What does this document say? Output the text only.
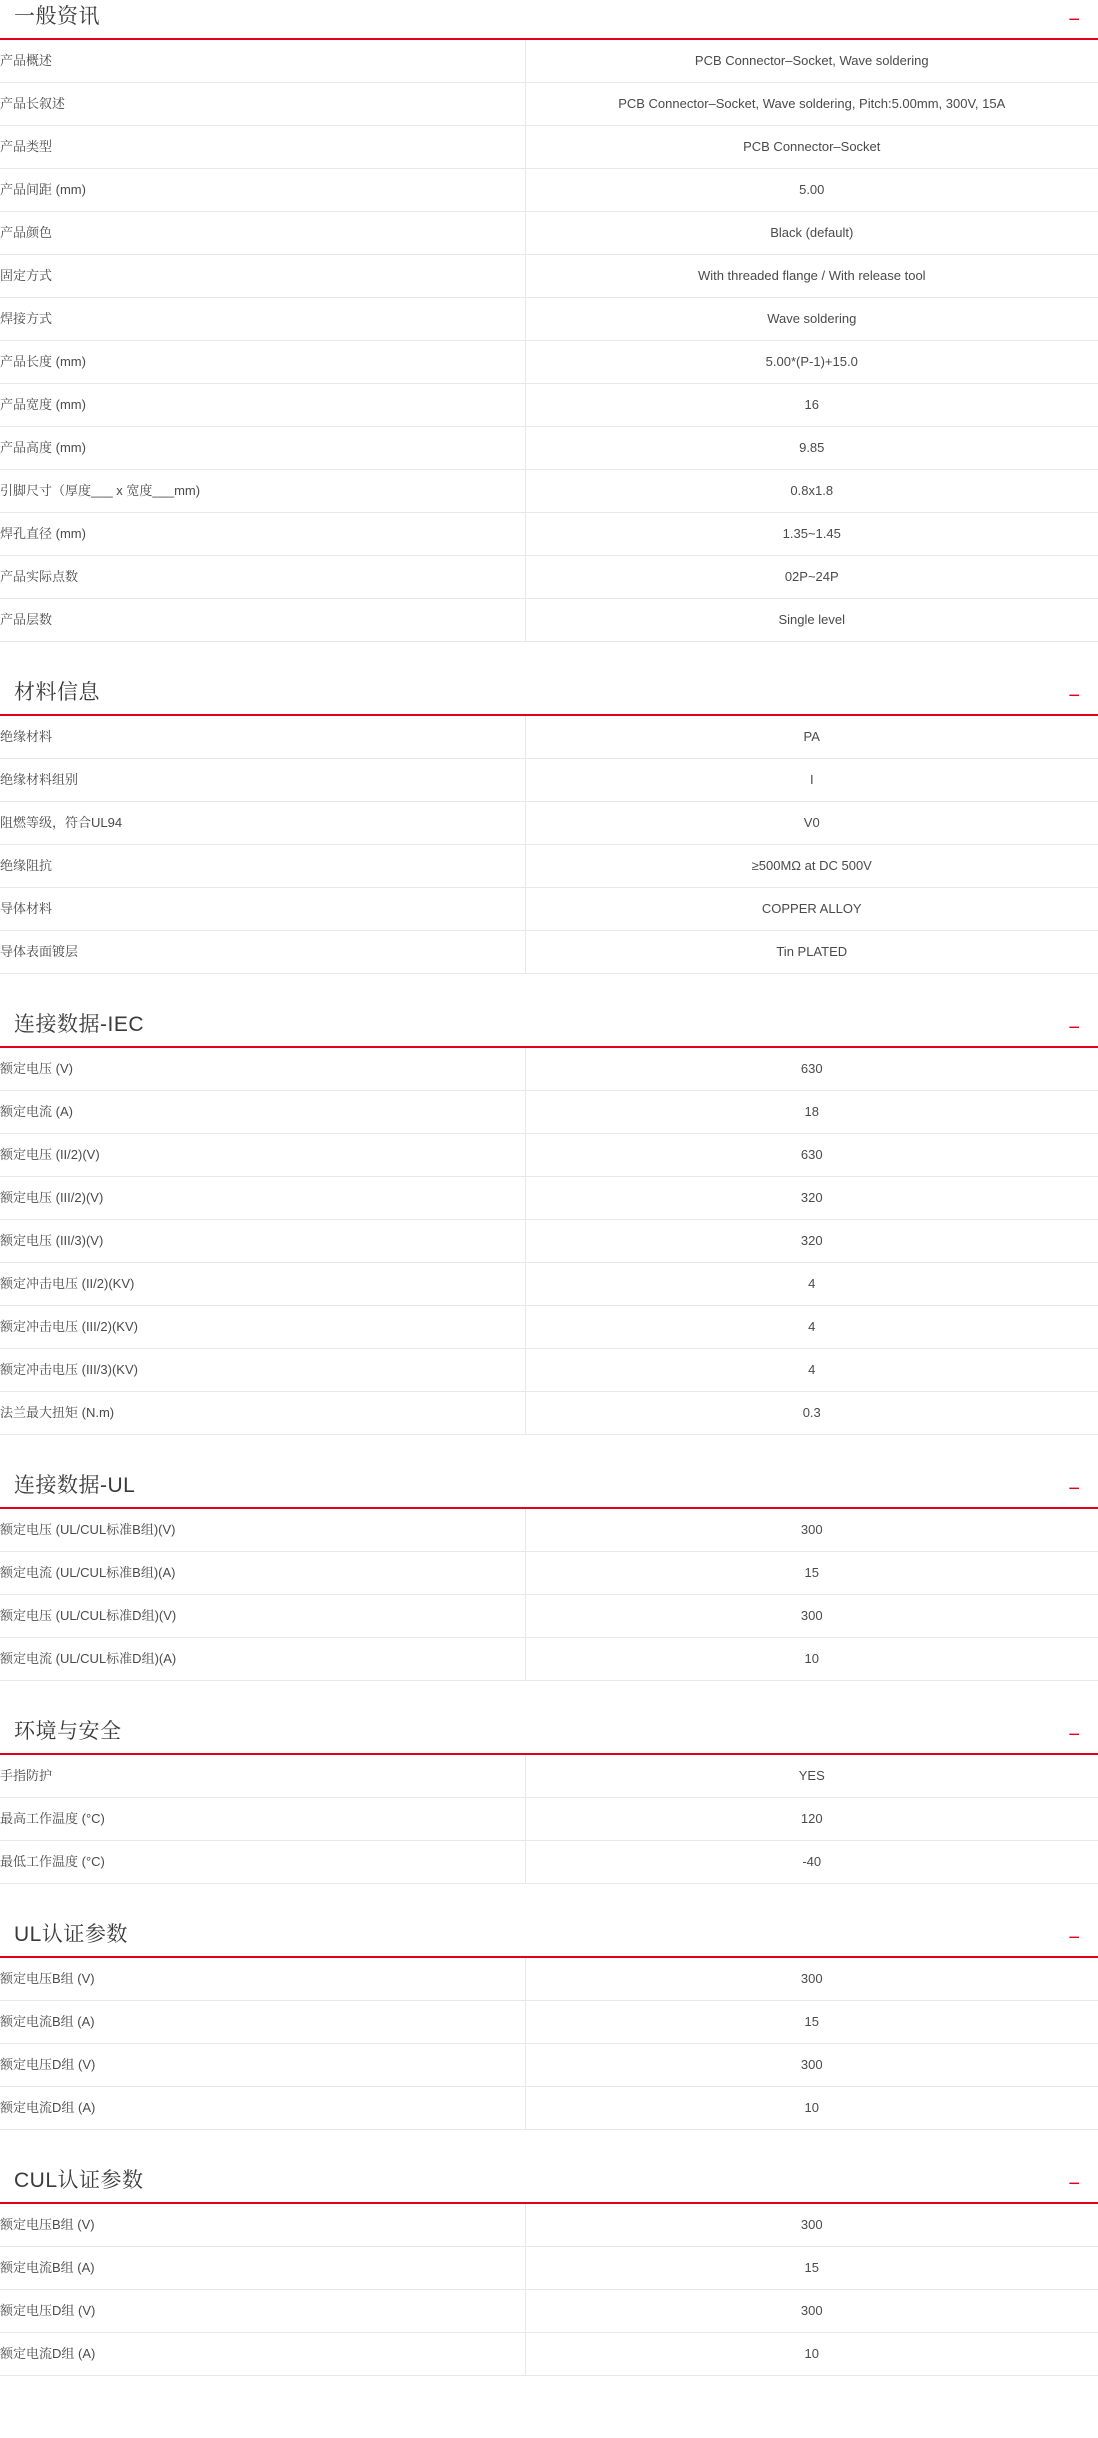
一般资讯	−
产品概述	PCB Connector–Socket, Wave soldering
产品长叙述	PCB Connector–Socket, Wave soldering, Pitch:5.00mm, 300V, 15A
产品类型	PCB Connector–Socket
产品间距 (mm)	5.00
产品颜色	Black (default)
固定方式	With threaded flange / With release tool
焊接方式	Wave soldering
产品长度 (mm)	5.00*(P-1)+15.0
产品宽度 (mm)	16
产品高度 (mm)	9.85
引脚尺寸（厚度___ x 宽度___mm)	0.8x1.8
焊孔直径 (mm)	1.35~1.45
产品实际点数	02P~24P
产品层数	Single level
材料信息	−
绝缘材料	PA
绝缘材料组别	I
阻燃等级，符合UL94	V0
绝缘阻抗	≥500MΩ at DC 500V
导体材料	COPPER ALLOY
导体表面镀层	Tin PLATED
连接数据-IEC	−
额定电压 (V)	630
额定电流 (A)	18
额定电压 (II/2)(V)	630
额定电压 (III/2)(V)	320
额定电压 (III/3)(V)	320
额定冲击电压 (II/2)(KV)	4
额定冲击电压 (III/2)(KV)	4
额定冲击电压 (III/3)(KV)	4
法兰最大扭矩 (N.m)	0.3
连接数据-UL	−
额定电压 (UL/CUL标准B组)(V)	300
额定电流 (UL/CUL标准B组)(A)	15
额定电压 (UL/CUL标准D组)(V)	300
额定电流 (UL/CUL标准D组)(A)	10
环境与安全	−
手指防护	YES
最高工作温度 (°C)	120
最低工作温度 (°C)	-40
UL认证参数	−
额定电压B组 (V)	300
额定电流B组 (A)	15
额定电压D组 (V)	300
额定电流D组 (A)	10
CUL认证参数	−
额定电压B组 (V)	300
额定电流B组 (A)	15
额定电压D组 (V)	300
额定电流D组 (A)	10
